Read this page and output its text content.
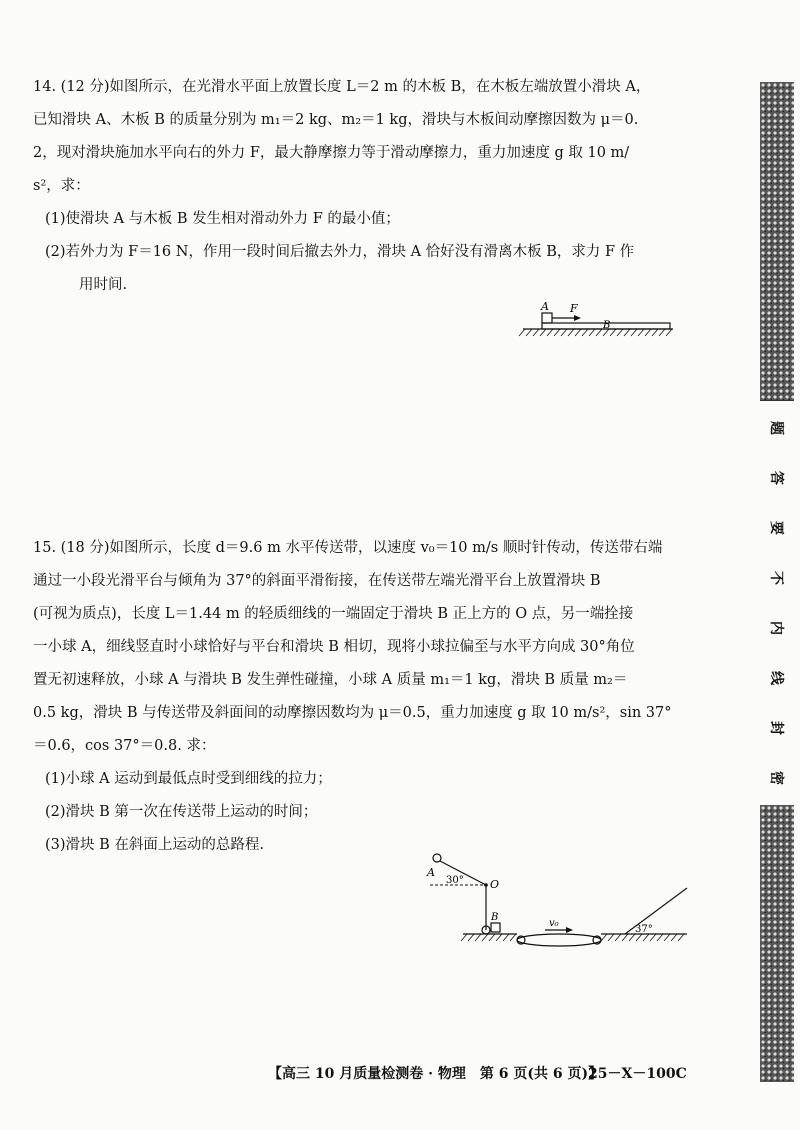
14. (12 分)如图所示，在光滑水平面上放置长度 L＝2 m 的木板 B，在木板左端放置小滑块 A，
已知滑块 A、木板 B 的质量分别为 m₁＝2 kg、m₂＝1 kg，滑块与木板间动摩擦因数为 μ＝0.
2，现对滑块施加水平向右的外力 F，最大静摩擦力等于滑动摩擦力，重力加速度 g 取 10 m/
s²，求：
(1)使滑块 A 与木板 B 发生相对滑动外力 F 的最小值；
(2)若外力为 F＝16 N，作用一段时间后撤去外力，滑块 A 恰好没有滑离木板 B，求力 F 作
用时间.
A F
B
15. (18 分)如图所示，长度 d＝9.6 m 水平传送带，以速度 v₀＝10 m/s 顺时针传动，传送带右端
通过一小段光滑平台与倾角为 37°的斜面平滑衔接，在传送带左端光滑平台上放置滑块 B
(可视为质点)，长度 L＝1.44 m 的轻质细线的一端固定于滑块 B 正上方的 O 点，另一端拴接
一小球 A，细线竖直时小球恰好与平台和滑块 B 相切，现将小球拉偏至与水平方向成 30°角位
置无初速释放，小球 A 与滑块 B 发生弹性碰撞，小球 A 质量 m₁＝1 kg，滑块 B 质量 m₂＝
0.5 kg，滑块 B 与传送带及斜面间的动摩擦因数均为 μ＝0.5，重力加速度 g 取 10 m/s²，sin 37°
＝0.6，cos 37°＝0.8. 求：
(1)小球 A 运动到最低点时受到细线的拉力；
(2)滑块 B 第一次在传送带上运动的时间；
(3)滑块 B 在斜面上运动的总路程.
A
30° O
B
v₀
37°
【高三 10 月质量检测卷 · 物理　第 6 页(共 6 页)】
25－X－100C
密
封
线
内
不
要
答
题
